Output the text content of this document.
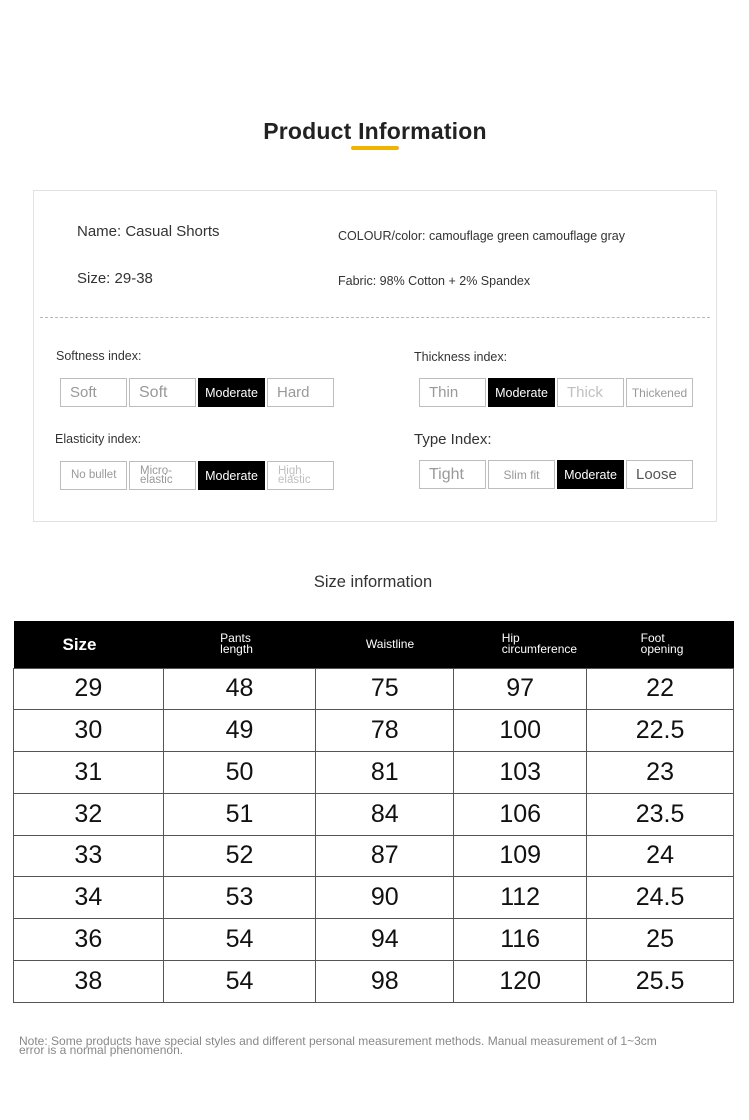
Product Information
Name: Casual Shorts	COLOUR/color: camouflage green camouflage gray
Size: 29-38	Fabric: 98% Cotton + 2% Spandex
Softness index:
Soft	Soft	Moderate	Hard
Thickness index:
Thin	Moderate	Thick	Thickened
Elasticity index:
No bullet	Micro-elastic	Moderate	High elastic
Type Index:
Tight	Slim fit	Moderate	Loose
Size information
Size	Pants length	Waistline	Hip circumference	Foot opening
29	48	75	97	22
30	49	78	100	22.5
31	50	81	103	23
32	51	84	106	23.5
33	52	87	109	24
34	53	90	112	24.5
36	54	94	116	25
38	54	98	120	25.5

Note: Some products have special styles and different personal measurement methods. Manual measurement of 1~3cm error is a normal phenomenon.
